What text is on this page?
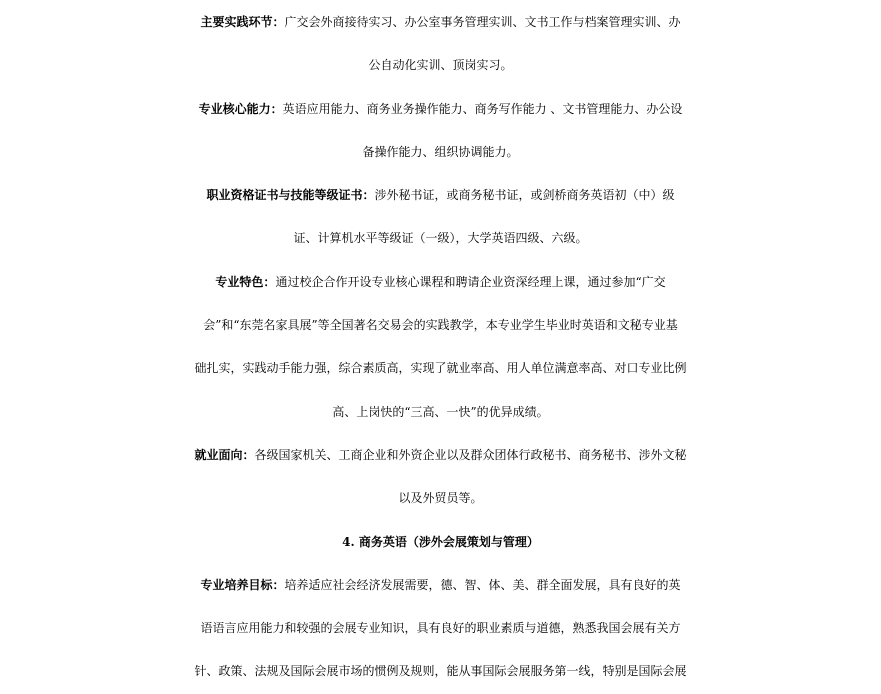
主要实践环节：广交会外商接待实习、办公室事务管理实训、文书工作与档案管理实训、办

公自动化实训、顶岗实习。

专业核心能力：英语应用能力、商务业务操作能力、商务写作能力 、文书管理能力、办公设

备操作能力、组织协调能力。

职业资格证书与技能等级证书：涉外秘书证，或商务秘书证，或剑桥商务英语初（中）级

证、计算机水平等级证（一级），大学英语四级、六级。

专业特色：通过校企合作开设专业核心课程和聘请企业资深经理上课，通过参加“广交

会”和“东莞名家具展”等全国著名交易会的实践教学，本专业学生毕业时英语和文秘专业基

础扎实，实践动手能力强，综合素质高，实现了就业率高、用人单位满意率高、对口专业比例

高、上岗快的“三高、一快”的优异成绩。

就业面向：各级国家机关、工商企业和外资企业以及群众团体行政秘书、商务秘书、涉外文秘

以及外贸员等。

4. 商务英语（涉外会展策划与管理）

专业培养目标：培养适应社会经济发展需要，德、智、体、美、群全面发展，具有良好的英

语语言应用能力和较强的会展专业知识，具有良好的职业素质与道德，熟悉我国会展有关方

针、政策、法规及国际会展市场的惯例及规则，能从事国际会展服务第一线，特别是国际会展
